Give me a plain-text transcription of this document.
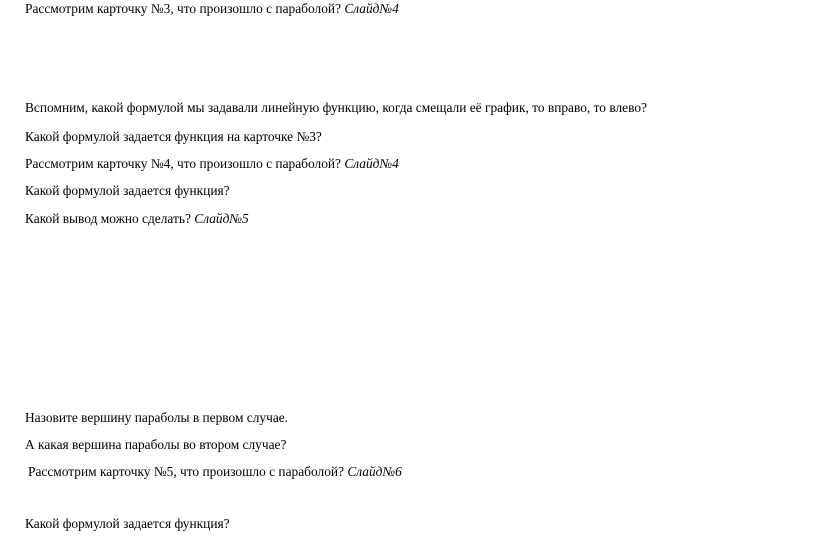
Рассмотрим карточку №3, что произошло с параболой? Слайд№4
Вспомним, какой формулой мы задавали линейную функцию, когда смещали её график, то вправо, то влево?
Какой формулой задается функция на карточке №3?
Рассмотрим карточку №4, что произошло с параболой? Слайд№4
Какой формулой задается функция?
Какой вывод можно сделать? Слайд№5
Назовите вершину параболы в первом случае.
А какая вершина параболы во втором случае?
Рассмотрим карточку №5, что произошло с параболой? Слайд№6
Какой формулой задается функция?
